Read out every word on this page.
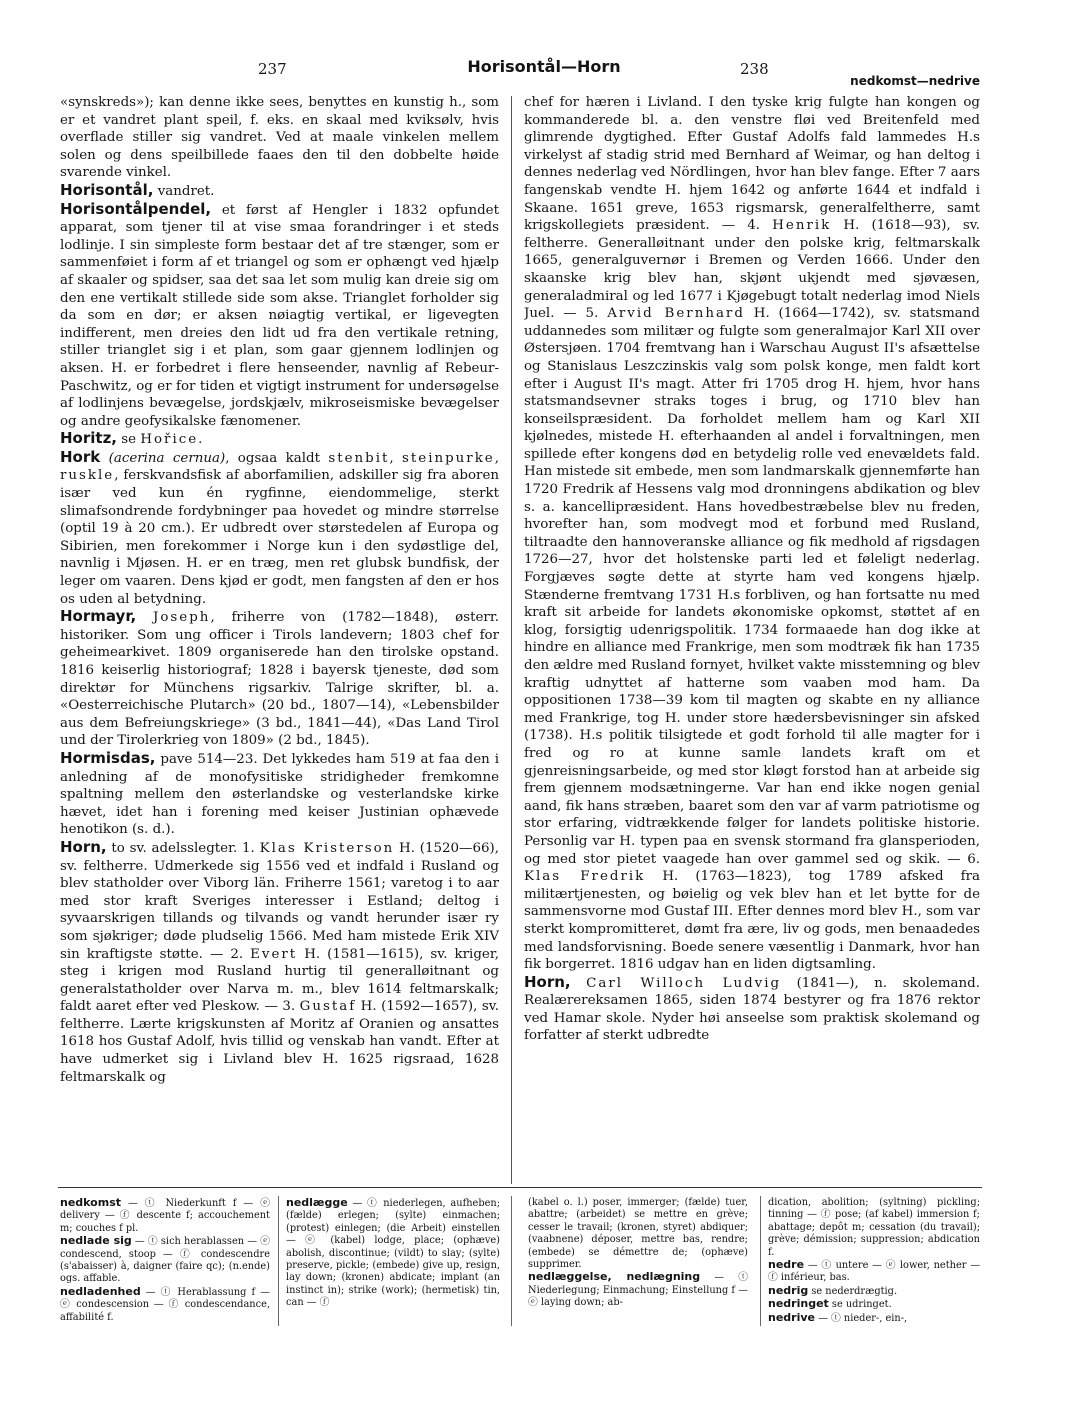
237	Horisontål—Horn	238
nedkomst—nedrive

«synskreds»); kan denne ikke sees, benyttes en kunstig h., som er et vandret plant speil, f. eks. en skaal med kviksølv, hvis overflade stiller sig vandret. Ved at maale vinkelen mellem solen og dens speilbillede faaes den til den dobbelte høide svarende vinkel.

Horisontål, vandret.

Horisontålpendel, et først af Hengler i 1832 opfundet apparat, som tjener til at vise smaa forandringer i et steds lodlinje. I sin simpleste form bestaar det af tre stænger, som er sammenføiet i form af et triangel og som er ophængt ved hjælp af skaaler og spidser, saa det saa let som mulig kan dreie sig om den ene vertikalt stillede side som akse. Trianglet forholder sig da som en dør; er aksen nøiagtig vertikal, er ligevegten indifferent, men dreies den lidt ud fra den vertikale retning, stiller trianglet sig i et plan, som gaar gjennem lodlinjen og aksen. H. er forbedret i flere henseender, navnlig af Rebeur-Paschwitz, og er for tiden et vigtigt instrument for undersøgelse af lodlinjens bevægelse, jordskjælv, mikroseismiske bevægelser og andre geofysikalske fænomener.

Horitz, se Hořice.

Hork (acerina cernua), ogsaa kaldt stenbit, steinpurke, ruskle, ferskvandsfisk af aborfamilien, adskiller sig fra aboren især ved kun én rygfinne, eiendommelige, sterkt slimafsondrende fordybninger paa hovedet og mindre størrelse (optil 19 à 20 cm.). Er udbredt over størstedelen af Europa og Sibirien, men forekommer i Norge kun i den sydøstlige del, navnlig i Mjøsen. H. er en træg, men ret glubsk bundfisk, der leger om vaaren. Dens kjød er godt, men fangsten af den er hos os uden al betydning.

Hormayr, Joseph, friherre von (1782—1848), østerr. historiker. Som ung officer i Tirols landevern; 1803 chef for geheimearkivet. 1809 organiserede han den tirolske opstand. 1816 keiserlig historiograf; 1828 i bayersk tjeneste, død som direktør for Münchens rigsarkiv. Talrige skrifter, bl. a. «Oesterreichische Plutarch» (20 bd., 1807—14), «Lebensbilder aus dem Befreiungskriege» (3 bd., 1841—44), «Das Land Tirol und der Tirolerkrieg von 1809» (2 bd., 1845).

Hormisdas, pave 514—23. Det lykkedes ham 519 at faa den i anledning af de monofysitiske stridigheder fremkomne spaltning mellem den østerlandske og vesterlandske kirke hævet, idet han i forening med keiser Justinian ophævede henotikon (s. d.).

Horn, to sv. adelsslegter. 1. Klas Kristerson H. (1520—66), sv. feltherre. Udmerkede sig 1556 ved et indfald i Rusland og blev statholder over Viborg län. Friherre 1561; varetog i to aar med stor kraft Sveriges interesser i Estland; deltog i syvaarskrigen tillands og tilvands og vandt herunder især ry som sjøkriger; døde pludselig 1566. Med ham mistede Erik XIV sin kraftigste støtte. — 2. Evert H. (1581—1615), sv. kriger, steg i krigen mod Rusland hurtig til generalløitnant og generalstatholder over Narva m. m., blev 1614 feltmarskalk; faldt aaret efter ved Pleskow. — 3. Gustaf H. (1592—1657), sv. feltherre. Lærte krigskunsten af Moritz af Oranien og ansattes 1618 hos Gustaf Adolf, hvis tillid og venskab han vandt. Efter at have udmerket sig i Livland blev H. 1625 rigsraad, 1628 feltmarskalk og

chef for hæren i Livland. I den tyske krig fulgte han kongen og kommanderede bl. a. den venstre fløi ved Breitenfeld med glimrende dygtighed. Efter Gustaf Adolfs fald lammedes H.s virkelyst af stadig strid med Bernhard af Weimar, og han deltog i dennes nederlag ved Nördlingen, hvor han blev fange. Efter 7 aars fangenskab vendte H. hjem 1642 og anførte 1644 et indfald i Skaane. 1651 greve, 1653 rigsmarsk, generalfeltherre, samt krigskollegiets præsident. — 4. Henrik H. (1618—93), sv. feltherre. Generalløitnant under den polske krig, feltmarskalk 1665, generalguvernør i Bremen og Verden 1666. Under den skaanske krig blev han, skjønt ukjendt med sjøvæsen, generaladmiral og led 1677 i Kjøgebugt totalt nederlag imod Niels Juel. — 5. Arvid Bernhard H. (1664—1742), sv. statsmand uddannedes som militær og fulgte som generalmajor Karl XII over Østersjøen. 1704 fremtvang han i Warschau August II's afsættelse og Stanislaus Leszczinskis valg som polsk konge, men faldt kort efter i August II's magt. Atter fri 1705 drog H. hjem, hvor hans statsmandsevner straks toges i brug, og 1710 blev han konseilspræsident. Da forholdet mellem ham og Karl XII kjølnedes, mistede H. efterhaanden al andel i forvaltningen, men spillede efter kongens død en betydelig rolle ved enevældets fald. Han mistede sit embede, men som landmarskalk gjennemførte han 1720 Fredrik af Hessens valg mod dronningens abdikation og blev s. a. kancellipræsident. Hans hovedbestræbelse blev nu freden, hvorefter han, som modvegt mod et forbund med Rusland, tiltraadte den hannoveranske alliance og fik medhold af rigsdagen 1726—27, hvor det holstenske parti led et føleligt nederlag. Forgjæves søgte dette at styrte ham ved kongens hjælp. Stænderne fremtvang 1731 H.s forbliven, og han fortsatte nu med kraft sit arbeide for landets økonomiske opkomst, støttet af en klog, forsigtig udenrigspolitik. 1734 formaaede han dog ikke at hindre en alliance med Frankrige, men som modtræk fik han 1735 den ældre med Rusland fornyet, hvilket vakte misstemning og blev kraftig udnyttet af hatterne som vaaben mod ham. Da oppositionen 1738—39 kom til magten og skabte en ny alliance med Frankrige, tog H. under store hædersbevisninger sin afsked (1738). H.s politik tilsigtede et godt forhold til alle magter for i fred og ro at kunne samle landets kraft om et gjenreisningsarbeide, og med stor kløgt forstod han at arbeide sig frem gjennem modsætningerne. Var han end ikke nogen genial aand, fik hans stræben, baaret som den var af varm patriotisme og stor erfaring, vidtrækkende følger for landets politiske historie. Personlig var H. typen paa en svensk stormand fra glansperioden, og med stor pietet vaagede han over gammel sed og skik. — 6. Klas Fredrik H. (1763—1823), tog 1789 afsked fra militærtjenesten, og bøielig og vek blev han et let bytte for de sammensvorne mod Gustaf III. Efter dennes mord blev H., som var sterkt kompromitteret, dømt fra ære, liv og gods, men benaadedes med landsforvisning. Boede senere væsentlig i Danmark, hvor han fik borgerret. 1816 udgav han en liden digtsamling.

Horn, Carl Willoch Ludvig (1841—), n. skolemand. Realærereksamen 1865, siden 1874 bestyrer og fra 1876 rektor ved Hamar skole. Nyder høi anseelse som praktisk skolemand og forfatter af sterkt udbredte

nedkomst — ⓣ Niederkunft f — ⓔ delivery — ⓕ descente f; accouchement m; couches f pl.

nedlade sig — ⓣ sich herablassen — ⓔ condescend, stoop — ⓕ condescendre (s'abaisser) à, daigner (faire qc); (n.ende) ogs. affable.

nedladenhed — ⓣ Herablassung f — ⓔ condescension — ⓕ condescendance, affabilité f.

nedlægge — ⓣ niederlegen, aufheben; (fælde) erlegen; (sylte) einmachen; (protest) einlegen; (die Arbeit) einstellen — ⓔ (kabel) lodge, place; (ophæve) abolish, discontinue; (vildt) to slay; (sylte) preserve, pickle; (embede) give up, resign, lay down; (kronen) abdicate; implant (an instinct in); strike (work); (hermetisk) tin, can — ⓕ

(kabel o. l.) poser, immerger; (fælde) tuer, abattre; (arbeidet) se mettre en grève; cesser le travail; (kronen, styret) abdiquer; (vaabnene) déposer, mettre bas, rendre; (embede) se démettre de; (ophæve) supprimer.

nedlæggelse, nedlægning — ⓣ Niederlegung; Einmachung; Einstellung f — ⓔ laying down; ab-

dication, abolition; (syltning) pickling; tinning — ⓕ pose; (af kabel) immersion f; abattage; depôt m; cessation (du travail); grève; démission; suppression; abdication f.

nedre — ⓣ untere — ⓔ lower, nether — ⓕ inférieur, bas.

nedrig se nederdrægtig.

nedringet se udringet.

nedrive — ⓣ nieder-, ein-,
